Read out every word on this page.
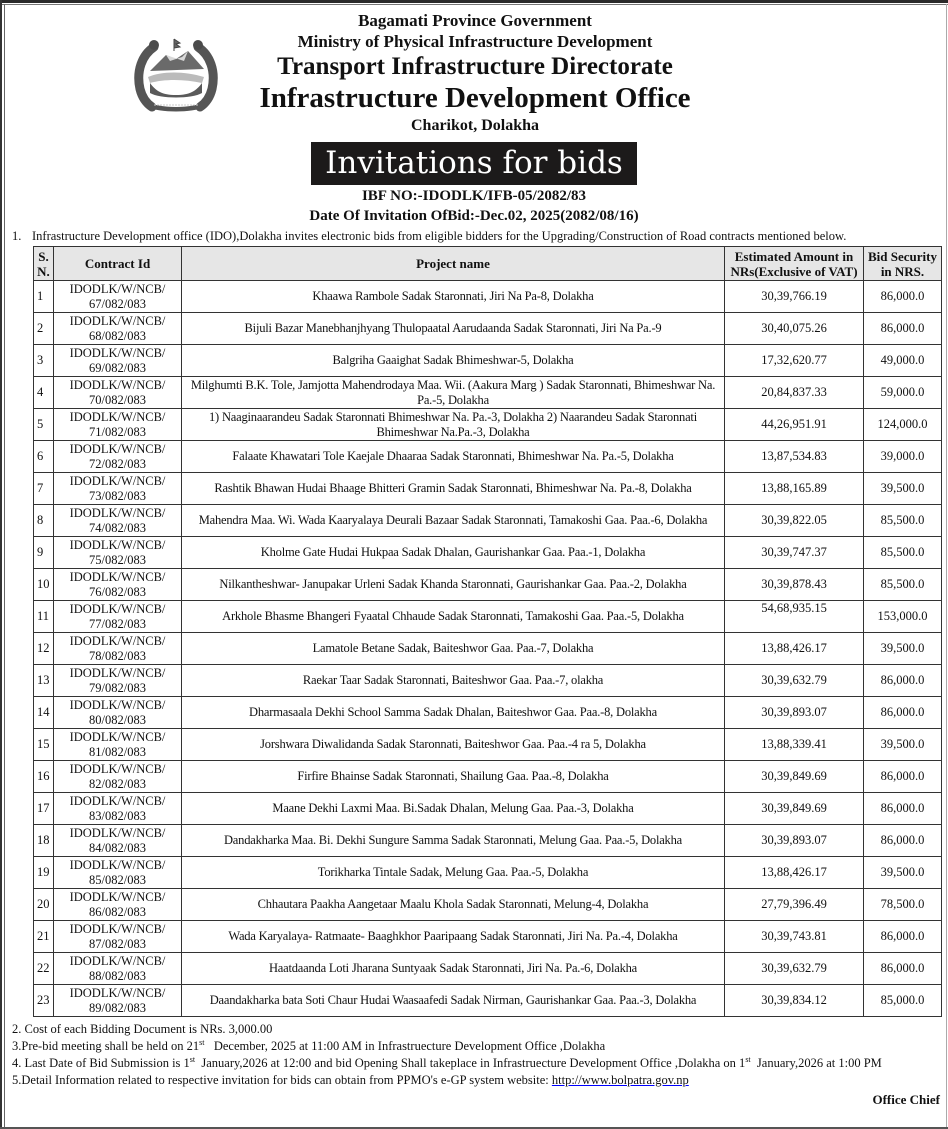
Bagamati Province Government
Ministry of Physical Infrastructure Development
Transport Infrastructure Directorate
Infrastructure Development Office
Charikot, Dolakha
Invitations for bids
IBF NO:-IDODLK/IFB-05/2082/83
Date Of Invitation OfBid:-Dec.02, 2025(2082/08/16)
1. Infrastructure Development office (IDO),Dolakha invites electronic bids from eligible bidders for the Upgrading/Construction of Road contracts mentioned below.
S.
N.	Contract Id	Project name	Estimated Amount in
NRs(Exclusive of VAT)	Bid Security
in NRS.
1	IDODLK/W/NCB/
67/082/083	Khaawa Rambole Sadak Staronnati, Jiri Na Pa-8, Dolakha	30,39,766.19	86,000.0
2	IDODLK/W/NCB/
68/082/083	Bijuli Bazar Manebhanjhyang Thulopaatal Aarudaanda Sadak Staronnati, Jiri Na Pa.-9	30,40,075.26	86,000.0
3	IDODLK/W/NCB/
69/082/083	Balgriha Gaaighat Sadak Bhimeshwar-5, Dolakha	17,32,620.77	49,000.0
4	IDODLK/W/NCB/
70/082/083	Milghumti B.K. Tole, Jamjotta Mahendrodaya Maa. Wii. (Aakura Marg ) Sadak Staronnati, Bhimeshwar Na. Pa.-5, Dolakha	20,84,837.33	59,000.0
5	IDODLK/W/NCB/
71/082/083	1) Naaginaarandeu Sadak Staronnati Bhimeshwar Na. Pa.-3, Dolakha 2) Naarandeu Sadak Staronnati Bhimeshwar Na.Pa.-3, Dolakha	44,26,951.91	124,000.0
6	IDODLK/W/NCB/
72/082/083	Falaate Khawatari Tole Kaejale Dhaaraa Sadak Staronnati, Bhimeshwar Na. Pa.-5, Dolakha	13,87,534.83	39,000.0
7	IDODLK/W/NCB/
73/082/083	Rashtik Bhawan Hudai Bhaage Bhitteri Gramin Sadak Staronnati, Bhimeshwar Na. Pa.-8, Dolakha	13,88,165.89	39,500.0
8	IDODLK/W/NCB/
74/082/083	Mahendra Maa. Wi. Wada Kaaryalaya Deurali Bazaar Sadak Staronnati, Tamakoshi Gaa. Paa.-6, Dolakha	30,39,822.05	85,500.0
9	IDODLK/W/NCB/
75/082/083	Kholme Gate Hudai Hukpaa Sadak Dhalan, Gaurishankar Gaa. Paa.-1, Dolakha	30,39,747.37	85,500.0
10	IDODLK/W/NCB/
76/082/083	Nilkantheshwar- Janupakar Urleni Sadak Khanda Staronnati, Gaurishankar Gaa. Paa.-2, Dolakha	30,39,878.43	85,500.0
11	IDODLK/W/NCB/
77/082/083	Arkhole Bhasme Bhangeri Fyaatal Chhaude Sadak Staronnati, Tamakoshi Gaa. Paa.-5, Dolakha	54,68,935.15	153,000.0
12	IDODLK/W/NCB/
78/082/083	Lamatole Betane Sadak, Baiteshwor Gaa. Paa.-7, Dolakha	13,88,426.17	39,500.0
13	IDODLK/W/NCB/
79/082/083	Raekar Taar Sadak Staronnati, Baiteshwor Gaa. Paa.-7, olakha	30,39,632.79	86,000.0
14	IDODLK/W/NCB/
80/082/083	Dharmasaala Dekhi School Samma Sadak Dhalan, Baiteshwor Gaa. Paa.-8, Dolakha	30,39,893.07	86,000.0
15	IDODLK/W/NCB/
81/082/083	Jorshwara Diwalidanda Sadak Staronnati, Baiteshwor Gaa. Paa.-4 ra 5, Dolakha	13,88,339.41	39,500.0
16	IDODLK/W/NCB/
82/082/083	Firfire Bhainse Sadak Staronnati, Shailung Gaa. Paa.-8, Dolakha	30,39,849.69	86,000.0
17	IDODLK/W/NCB/
83/082/083	Maane Dekhi Laxmi Maa. Bi.Sadak Dhalan, Melung Gaa. Paa.-3, Dolakha	30,39,849.69	86,000.0
18	IDODLK/W/NCB/
84/082/083	Dandakharka Maa. Bi. Dekhi Sungure Samma Sadak Staronnati, Melung Gaa. Paa.-5, Dolakha	30,39,893.07	86,000.0
19	IDODLK/W/NCB/
85/082/083	Torikharka Tintale Sadak, Melung Gaa. Paa.-5, Dolakha	13,88,426.17	39,500.0
20	IDODLK/W/NCB/
86/082/083	Chhautara Paakha Aangetaar Maalu Khola Sadak Staronnati, Melung-4, Dolakha	27,79,396.49	78,500.0
21	IDODLK/W/NCB/
87/082/083	Wada Karyalaya- Ratmaate- Baaghkhor Paaripaang Sadak Staronnati, Jiri Na. Pa.-4, Dolakha	30,39,743.81	86,000.0
22	IDODLK/W/NCB/
88/082/083	Haatdaanda Loti Jharana Suntyaak Sadak Staronnati, Jiri Na. Pa.-6, Dolakha	30,39,632.79	86,000.0
23	IDODLK/W/NCB/
89/082/083	Daandakharka bata Soti Chaur Hudai Waasaafedi Sadak Nirman, Gaurishankar Gaa. Paa.-3, Dolakha	30,39,834.12	85,000.0
2. Cost of each Bidding Document is NRs. 3,000.00
3.Pre-bid meeting shall be held on 21st   December, 2025 at 11:00 AM in Infrastruecture Development Office ,Dolakha
4. Last Date of Bid Submission is 1st  January,2026 at 12:00 and bid Opening Shall takeplace in Infrastruecture Development Office ,Dolakha on 1st  January,2026 at 1:00 PM
5.Detail Information related to respective invitation for bids can obtain from PPMO's e-GP system website: http://www.bolpatra.gov.np
Office Chief
